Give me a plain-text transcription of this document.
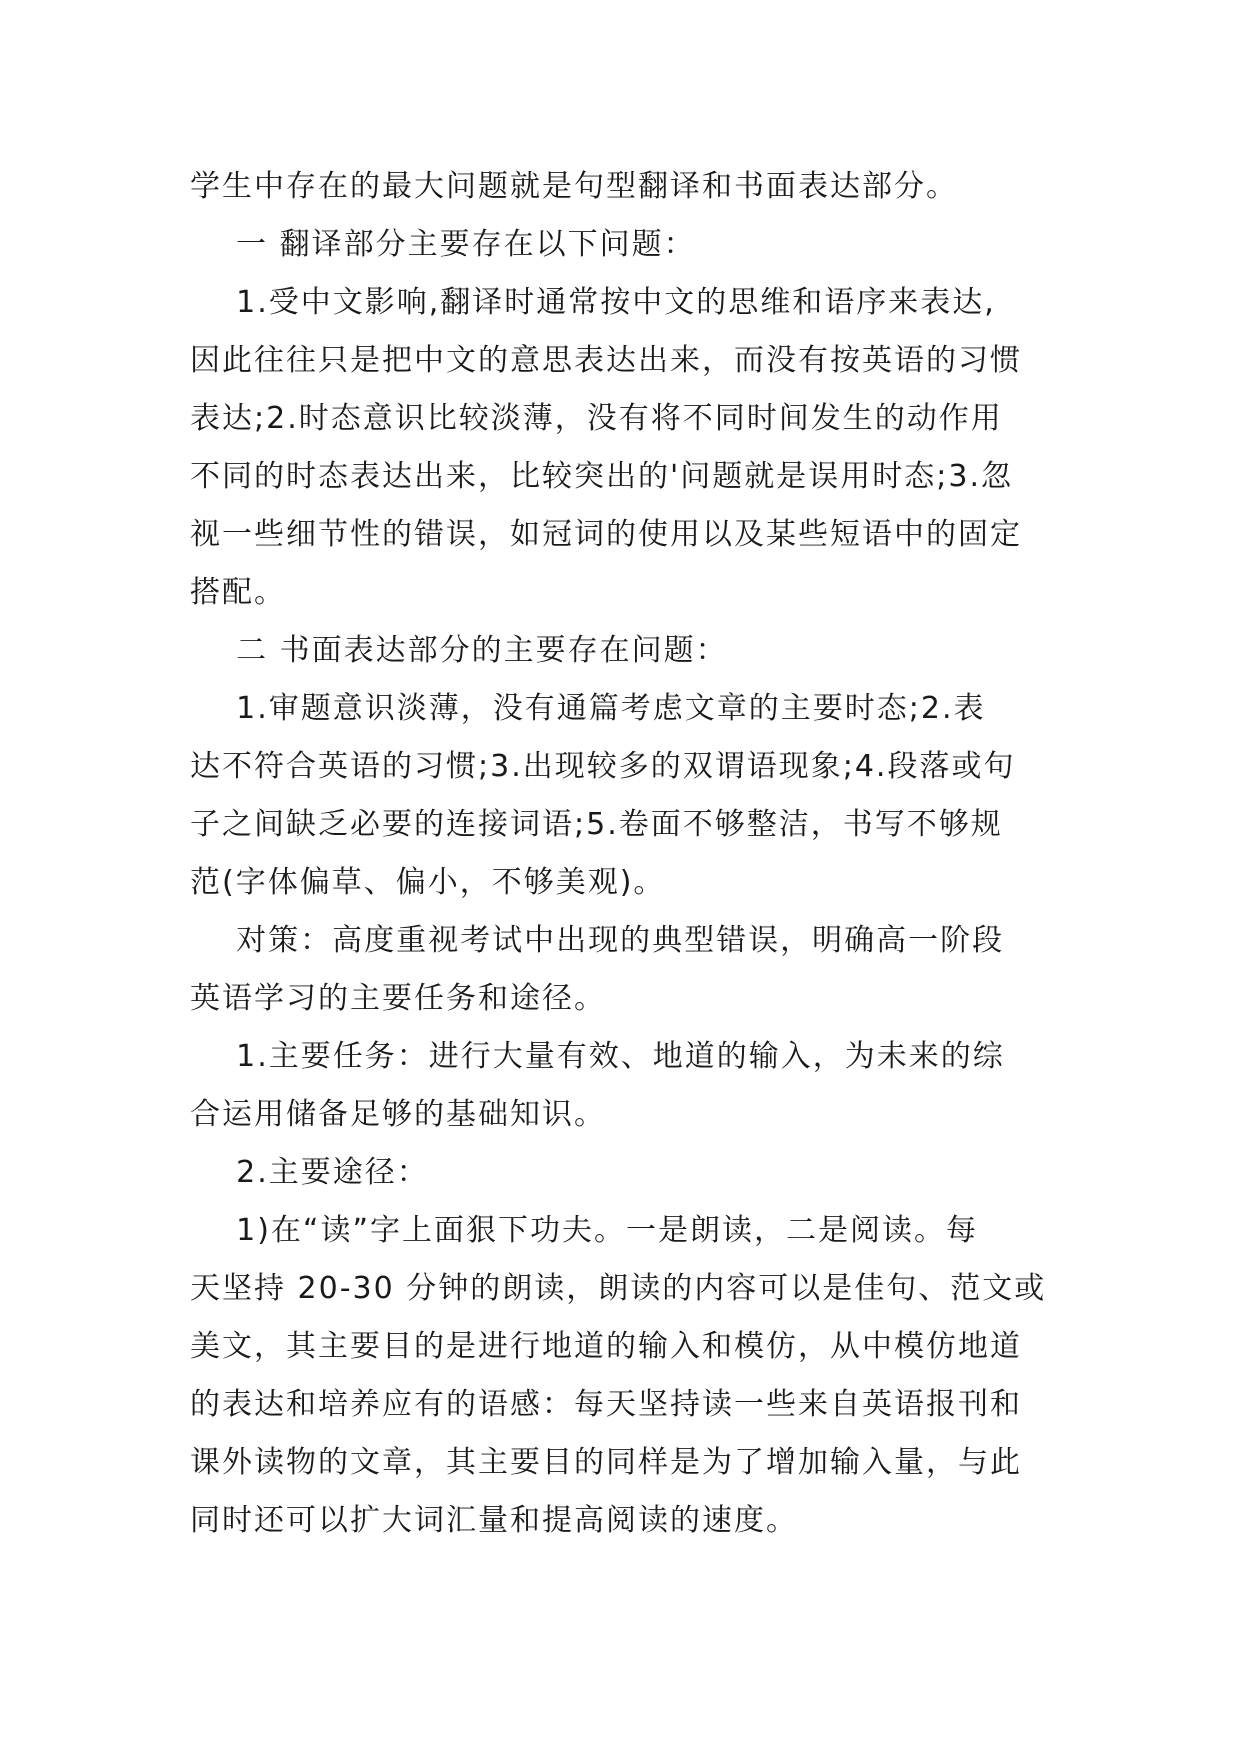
学生中存在的最大问题就是句型翻译和书面表达部分。

一 翻译部分主要存在以下问题：

1.受中文影响,翻译时通常按中文的思维和语序来表达,

因此往往只是把中文的意思表达出来，而没有按英语的习惯

表达;2.时态意识比较淡薄，没有将不同时间发生的动作用

不同的时态表达出来，比较突出的'问题就是误用时态;3.忽

视一些细节性的错误，如冠词的使用以及某些短语中的固定

搭配。

二 书面表达部分的主要存在问题：

1.审题意识淡薄，没有通篇考虑文章的主要时态;2.表

达不符合英语的习惯;3.出现较多的双谓语现象;4.段落或句

子之间缺乏必要的连接词语;5.卷面不够整洁，书写不够规

范(字体偏草、偏小，不够美观)。

对策：高度重视考试中出现的典型错误，明确高一阶段

英语学习的主要任务和途径。

1.主要任务：进行大量有效、地道的输入，为未来的综

合运用储备足够的基础知识。

2.主要途径：

1)在“读”字上面狠下功夫。一是朗读，二是阅读。每

天坚持 20-30 分钟的朗读，朗读的内容可以是佳句、范文或

美文，其主要目的是进行地道的输入和模仿，从中模仿地道

的表达和培养应有的语感：每天坚持读一些来自英语报刊和

课外读物的文章，其主要目的同样是为了增加输入量，与此

同时还可以扩大词汇量和提高阅读的速度。
